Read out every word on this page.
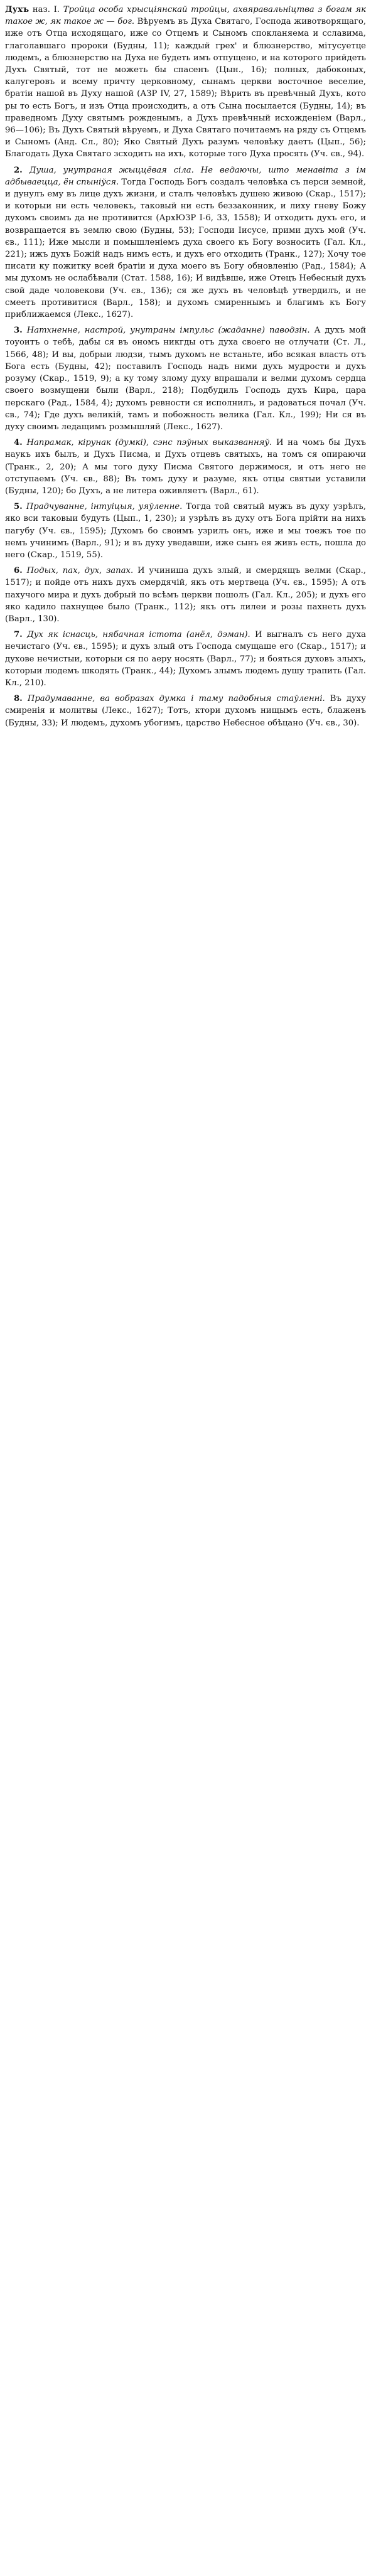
Духъ наз. І. Тройца особа хрысціянскай тройцы, ахвяравальніцтва з богам як такое ж, як такое ж — бог. Вѣруемъ въ Духа Святаго, Господа животворящаго, иже отъ Отца исходящаго, иже со Отцемъ и Сыномъ спокланяема и сславима, глаголавшаго пророки (Будны, 11); каждый грех' и блюзнерство, мітусуетце людемъ, а блюзнерство на Духа не будеть имъ отпущено, и на которого прийдеть Духъ Святый, тот не можеть бы спасенъ (Цын., 16); полных, дабоконых, калугеровъ и всему причту церковному, сынамъ церкви восточное веселие, братіи нашой въ Духу нашой (АЗР IV, 27, 1589); Вѣрить въ превѣчный Духъ, кото ры то есть Богъ, и изъ Отца происходить, а отъ Сына посылается (Будны, 14); въ праведномъ Духу святымъ рожденымъ, а Духъ превѣчный исхожденіем (Варл., 96—106); Въ Духъ Святый вѣруемъ, и Духа Святаго почитаемъ на ряду съ Отцемъ и Сыномъ (Анд. Сл., 80); Яко Святый Духъ разумъ человѣку даетъ (Цып., 56); Благодать Духа Святаго зсходить на ихъ, которые того Духа просять (Уч. єв., 94).

2. Душа, унутраная жыццёвая сіла. Не ведаючы, што менавіта з ім адбываецца, ён спынiўся. Тогда Господь Богъ создалъ человѣка съ перси земной, и дунулъ ему въ лице духъ жизни, и сталъ человѣкъ душею живою (Скар., 1517); и которыи ни есть человекъ, таковый ни есть беззаконник, и лиху гневу Божу духомъ своимъ да не противится (АрхЮЗР І-6, 33, 1558); И отходить духъ его, и возвращается въ землю свою (Будны, 53); Господи Іисусе, прими духъ мой (Уч. єв., 111); Иже мысли и помышленіемъ духа своего къ Богу возносить (Гал. Кл., 221); ижъ духъ Божій надъ нимъ есть, и духъ его отходить (Транк., 127); Хочу тое писати ку пожитку всей братіи и духа моего въ Богу обновленію (Рад., 1584); А мы духомъ не ослабѣвали (Стат. 1588, 16); И видѣвше, иже Отецъ Небесный духъ свой даде чоловекови (Уч. єв., 136); ся же духъ въ человѣцѣ утвердилъ, и не смеетъ противитися (Варл., 158); и духомъ смиреннымъ и благимъ къ Богу приближаемся (Лекс., 1627).

3. Натхненне, настрой, унутраны імпульс (жаданне) паводзін. А духъ мой тоуоитъ о тебѣ, дабы ся въ ономъ никгды отъ духа своего не отлучати (Ст. Л., 1566, 48); И вы, добрыи людзи, тымъ духомъ не встаньте, ибо всякая власть отъ Бога есть (Будны, 42); поставилъ Господь надъ ними духъ мудрости и духъ розуму (Скар., 1519, 9); а ку тому злому духу впрашали и велми духомъ сердца своего возмущени были (Варл., 218); Подбудиль Господь духъ Кира, цара перскаго (Рад., 1584, 4); духомъ ревности ся исполнилъ, и радоваться почал (Уч. єв., 74); Где духъ великій, тамъ и побожность велика (Гал. Кл., 199); Ни ся въ духу своимъ ледащимъ розмышляй (Лекс., 1627).

4. Напрамак, кірунак (думкі), сэнс пэўных выказванняў. И на чомъ бы Духъ наукъ ихъ былъ, и Духъ Писма, и Духъ отцевъ святыхъ, на томъ ся опираючи (Транк., 2, 20); А мы того духу Писма Святого держимося, и отъ него не отступаемъ (Уч. єв., 88); Въ томъ духу и разуме, якъ отцы святыи уставили (Будны, 120); бо Духъ, а не литера оживляетъ (Варл., 61).

5. Прадчуванне, інтуіцыя, уяўленне. Тогда той святый мужъ въ духу узрѣлъ, яко вси таковыи будуть (Цып., 1, 230); и узрѣлъ въ духу отъ Бога прійти на нихъ пагубу (Уч. єв., 1595); Духомъ бо своимъ узрилъ онъ, иже и мы тоежъ тое по немъ учинимъ (Варл., 91); и въ духу уведавши, иже сынъ ея живъ есть, пошла до него (Скар., 1519, 55).

6. Подых, пах, дух, запах. И учиниша духъ злый, и смердящъ велми (Скар., 1517); и пойде отъ нихъ духъ смердячій, якъ отъ мертвеца (Уч. єв., 1595); А отъ пахучого мира и духъ добрый по всѣмъ церкви пошолъ (Гал. Кл., 205); и духъ его яко кадило пахнущее было (Транк., 112); якъ отъ лилеи и розы пахнеть духъ (Варл., 130).

7. Дух як існасць, нябачная істота (анёл, дэман). И выгналъ съ него духа нечистаго (Уч. єв., 1595); и духъ злый отъ Господа смущаше его (Скар., 1517); и духове нечистыи, которыи ся по аеру носять (Варл., 77); и бояться духовъ злыхъ, которыи людемъ шкодять (Транк., 44); Духомъ злымъ людемъ душу трапить (Гал. Кл., 210).

8. Прадумаванне, ва вобразах думка і таму падобныя стаўленні. Въ духу смиренія и молитвы (Лекс., 1627); Тотъ, ктори духомъ нищымъ есть, блаженъ (Будны, 33); И людемъ, духомъ убогимъ, царство Небесное обѣцано (Уч. єв., 30).
